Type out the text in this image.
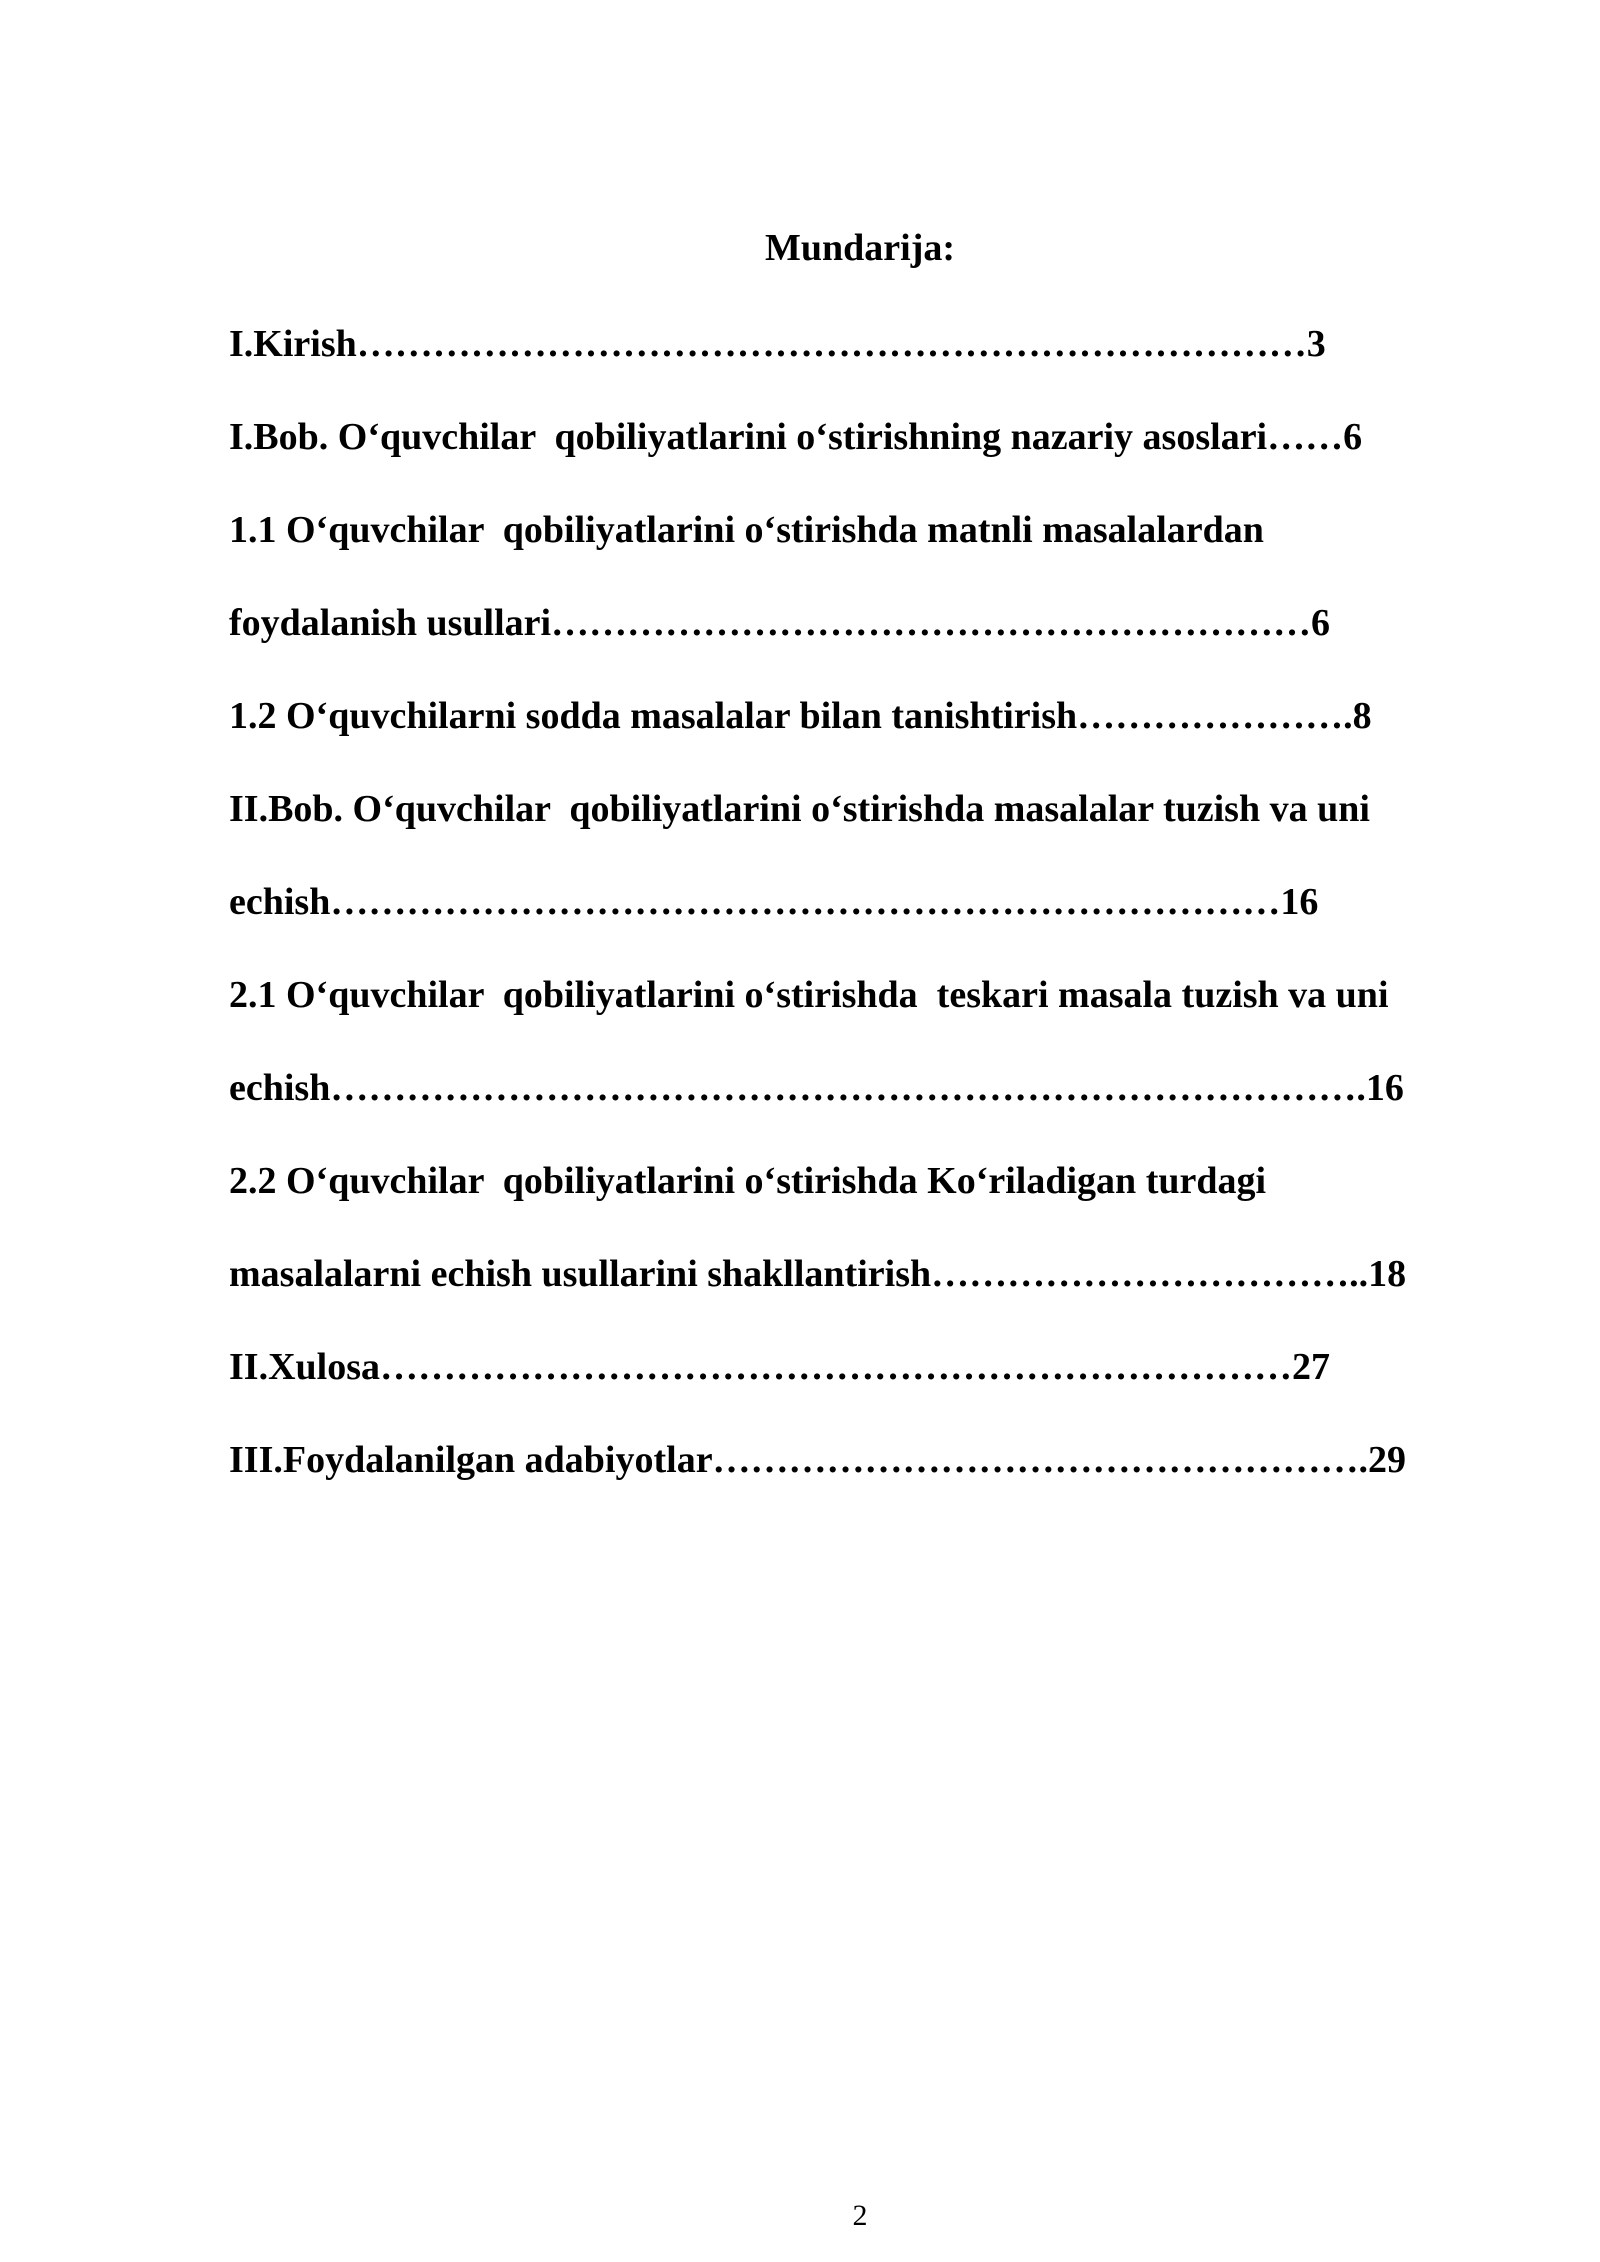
Mundarija:
I.Kirish…………………………………………………………………3
I.Bob. O‘quvchilar  qobiliyatlarini o‘stirishning nazariy asoslari……6
1.1 O‘quvchilar  qobiliyatlarini o‘stirishda matnli masalalardan
foydalanish usullari……………………………………………………6
1.2 O‘quvchilarni sodda masalalar bilan tanishtirish………………….8
II.Bob. O‘quvchilar  qobiliyatlarini o‘stirishda masalalar tuzish va uni
echish…………………………………………………………………16
2.1 O‘quvchilar  qobiliyatlarini o‘stirishda  teskari masala tuzish va uni
echish……………………………………………………………………….16
2.2 O‘quvchilar  qobiliyatlarini o‘stirishda Ko‘riladigan turdagi
masalalarni echish usullarini shakllantirish……………………………..18
II.Xulosa………………………………………………………………27
III.Foydalanilgan adabiyotlar…………………………………………….29
2
